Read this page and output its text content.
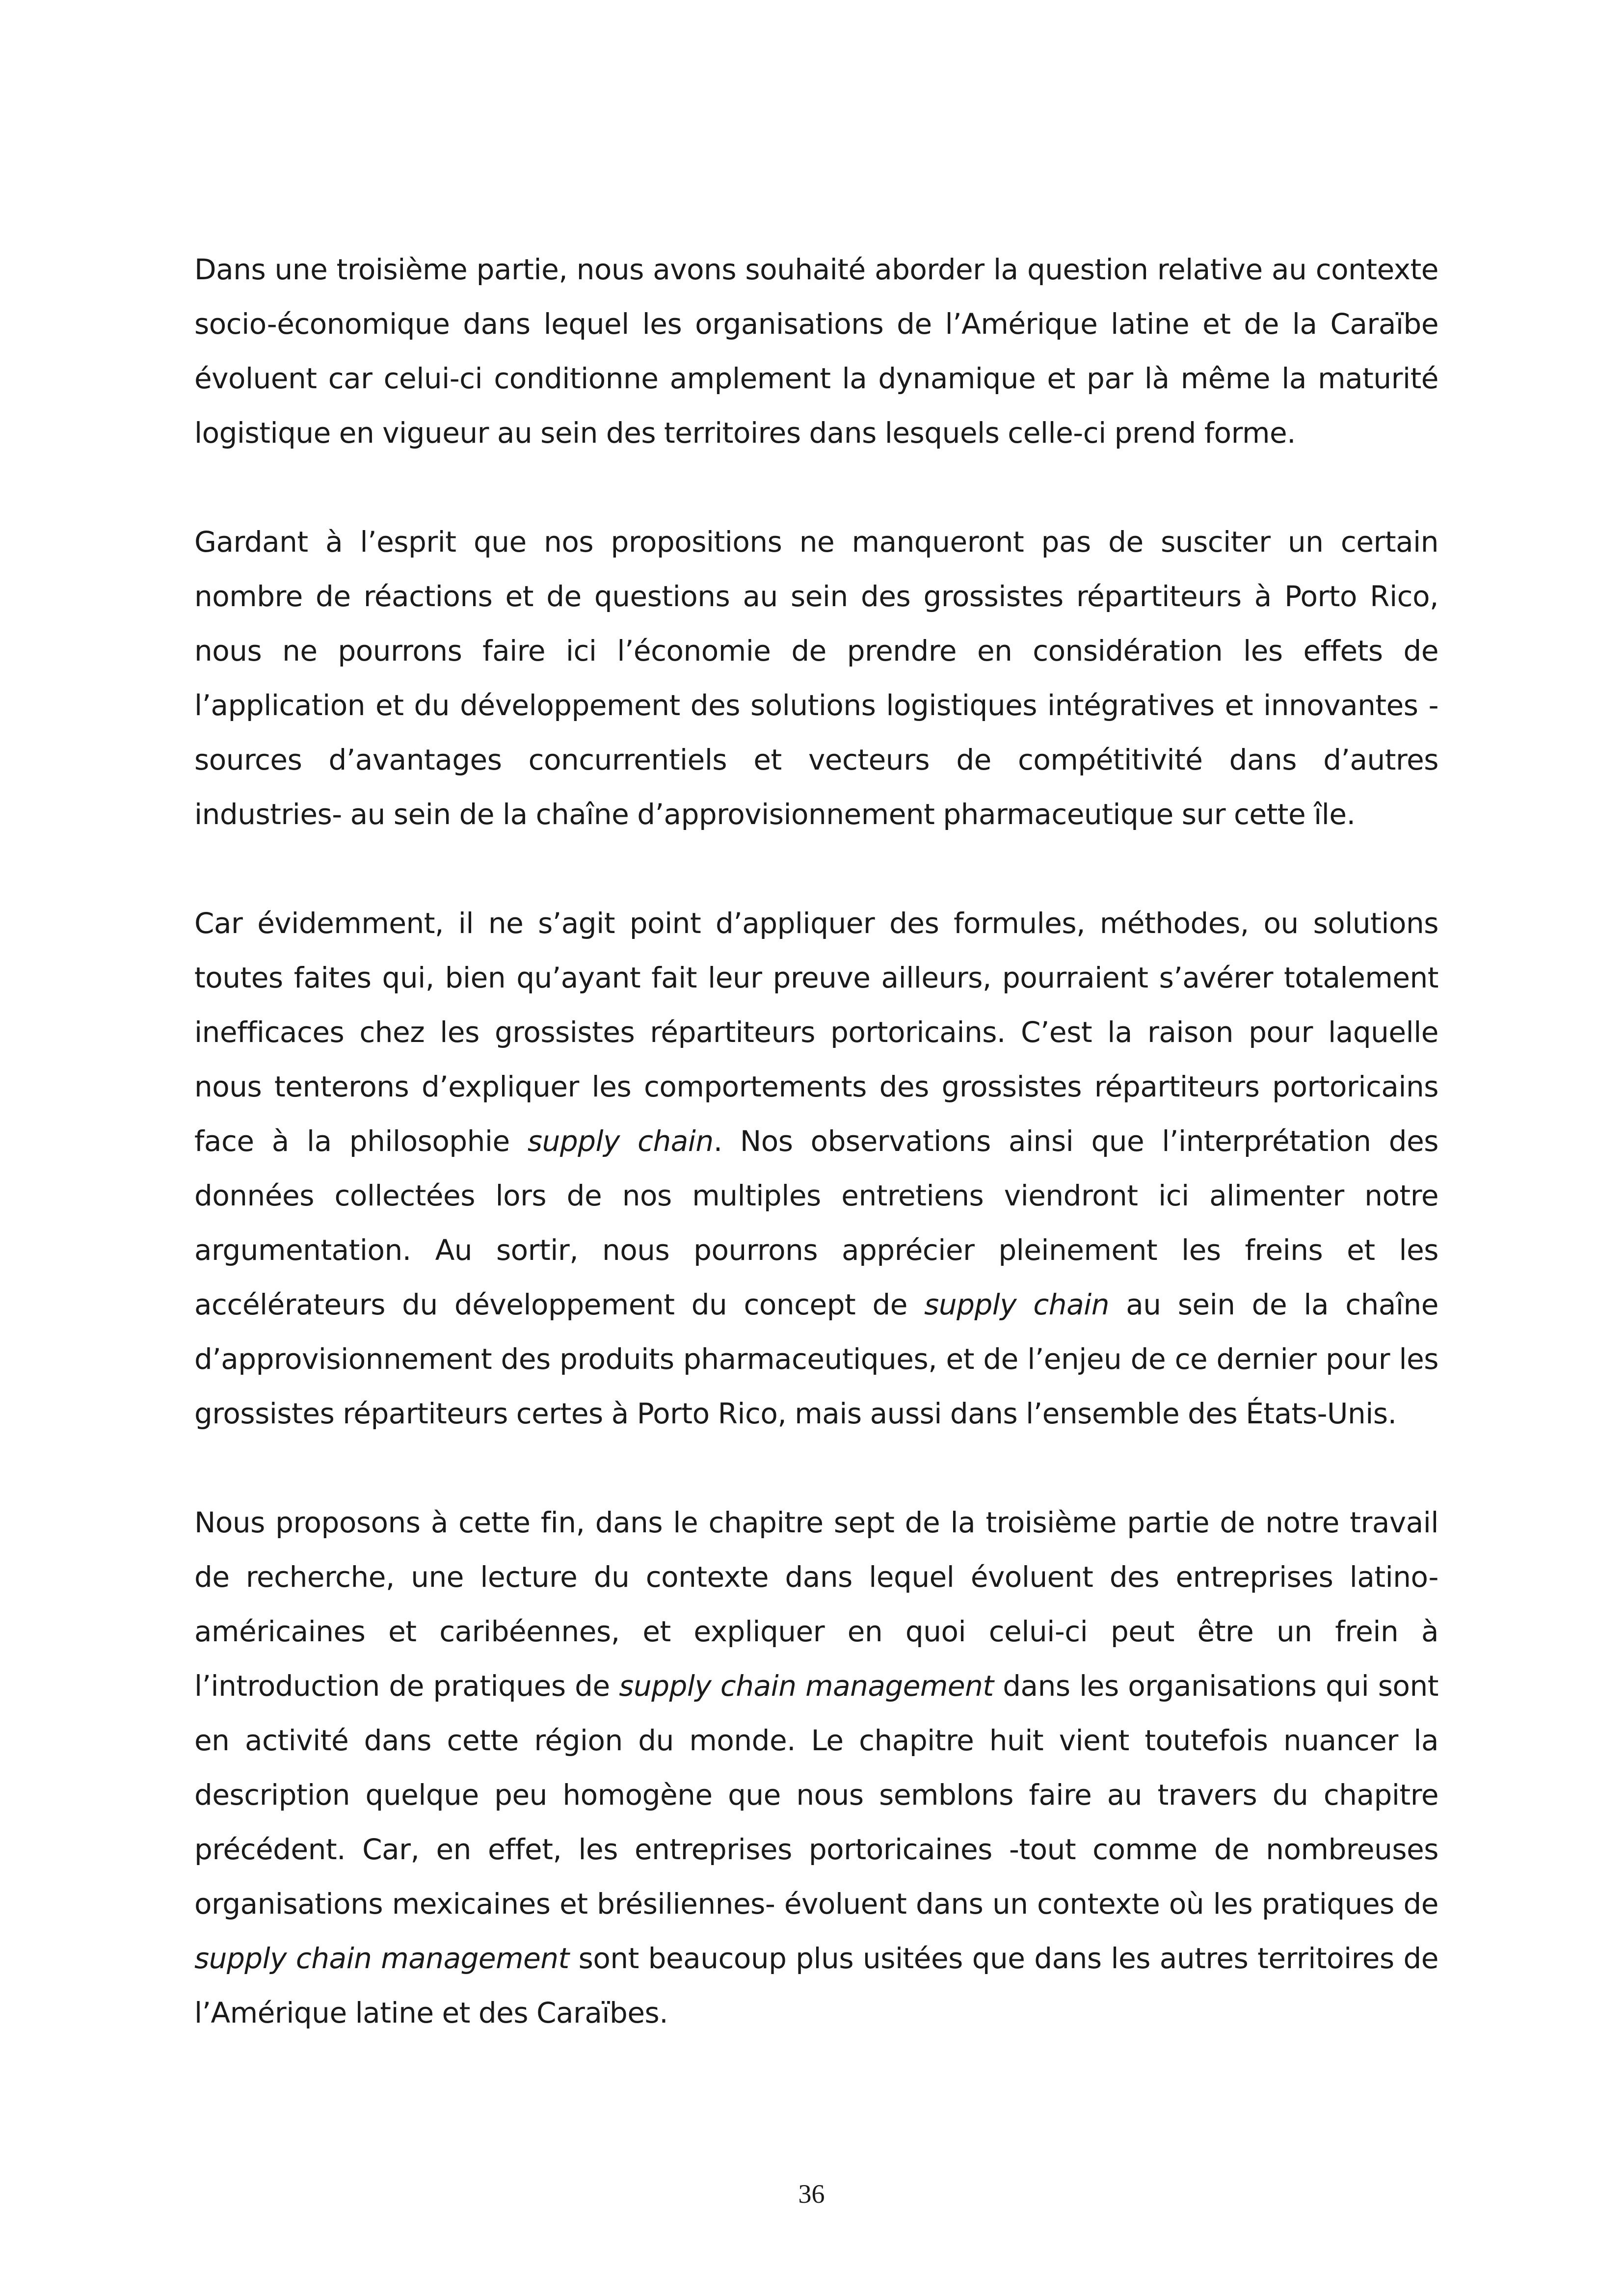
Dans une troisième partie, nous avons souhaité aborder la question relative au contexte socio-économique dans lequel les organisations de l’Amérique latine et de la Caraïbe évoluent car celui-ci conditionne amplement la dynamique et par là même la maturité logistique en vigueur au sein des territoires dans lesquels celle-ci prend forme.

Gardant à l’esprit que nos propositions ne manqueront pas de susciter un certain nombre de réactions et de questions au sein des grossistes répartiteurs à Porto Rico, nous ne pourrons faire ici l’économie de prendre en considération les effets de l’application et du développement des solutions logistiques intégratives et innovantes -sources d’avantages concurrentiels et vecteurs de compétitivité dans d’autres industries- au sein de la chaîne d’approvisionnement pharmaceutique sur cette île.

Car évidemment, il ne s’agit point d’appliquer des formules, méthodes, ou solutions toutes faites qui, bien qu’ayant fait leur preuve ailleurs, pourraient s’avérer totalement inefficaces chez les grossistes répartiteurs portoricains. C’est la raison pour laquelle nous tenterons d’expliquer les comportements des grossistes répartiteurs portoricains face à la philosophie supply chain. Nos observations ainsi que l’interprétation des données collectées lors de nos multiples entretiens viendront ici alimenter notre argumentation. Au sortir, nous pourrons apprécier pleinement les freins et les accélérateurs du développement du concept de supply chain au sein de la chaîne d’approvisionnement des produits pharmaceutiques, et de l’enjeu de ce dernier pour les grossistes répartiteurs certes à Porto Rico, mais aussi dans l’ensemble des États-Unis.

Nous proposons à cette fin, dans le chapitre sept de la troisième partie de notre travail de recherche, une lecture du contexte dans lequel évoluent des entreprises latino-américaines et caribéennes, et expliquer en quoi celui-ci peut être un frein à l’introduction de pratiques de supply chain management dans les organisations qui sont en activité dans cette région du monde. Le chapitre huit vient toutefois nuancer la description quelque peu homogène que nous semblons faire au travers du chapitre précédent. Car, en effet, les entreprises portoricaines -tout comme de nombreuses organisations mexicaines et brésiliennes- évoluent dans un contexte où les pratiques de supply chain management sont beaucoup plus usitées que dans les autres territoires de l’Amérique latine et des Caraïbes.

36
